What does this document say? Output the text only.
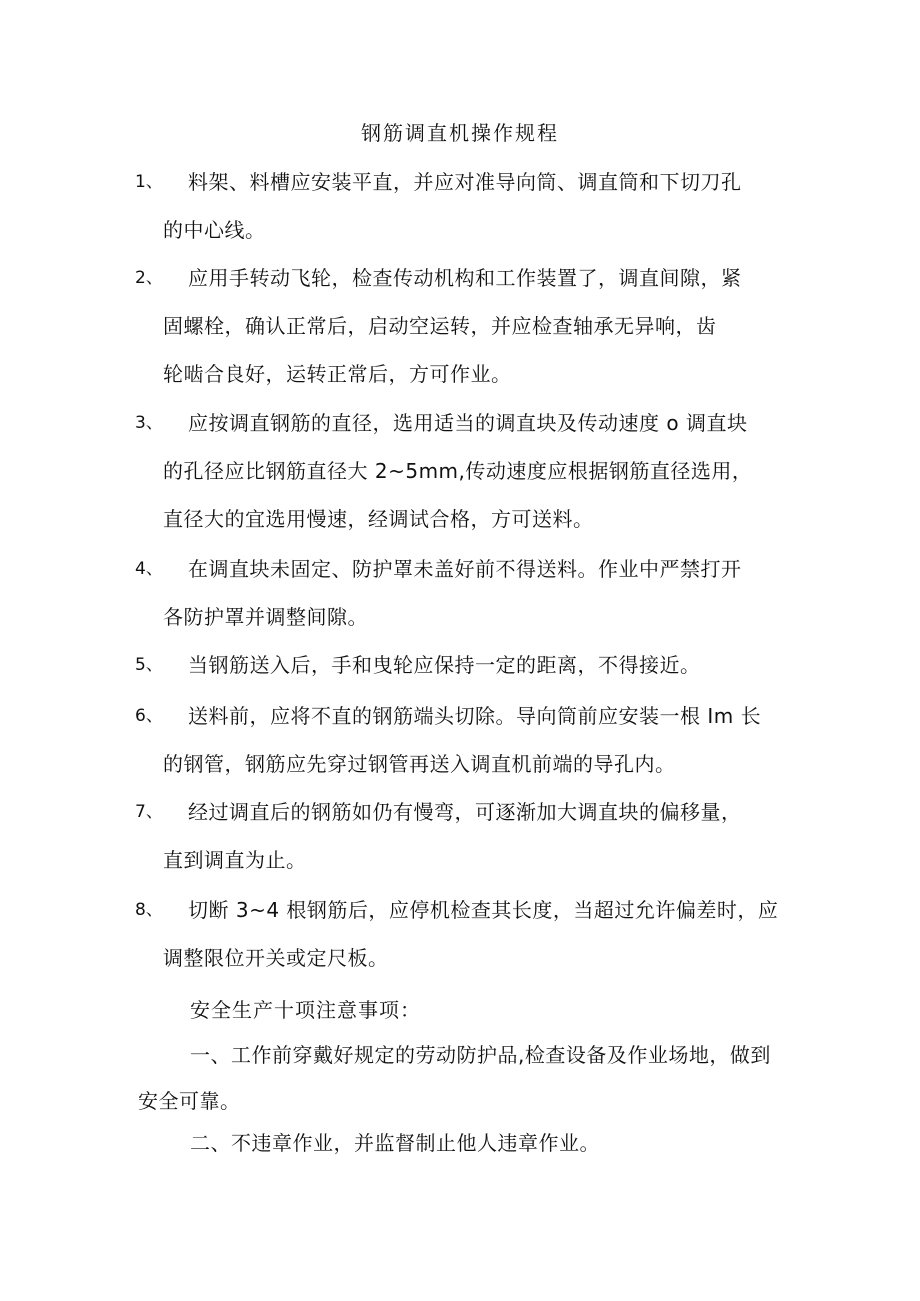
钢筋调直机操作规程
1、	料架、料槽应安装平直，并应对准导向筒、调直筒和下切刀孔
的中心线。
2、	应用手转动飞轮，检查传动机构和工作装置了，调直间隙，紧
固螺栓，确认正常后，启动空运转，并应检查轴承无异响，齿
轮啮合良好，运转正常后，方可作业。
3、	应按调直钢筋的直径，选用适当的调直块及传动速度 o 调直块
的孔径应比钢筋直径大 2~5mm,传动速度应根据钢筋直径选用，
直径大的宜选用慢速，经调试合格，方可送料。
4、	在调直块未固定、防护罩未盖好前不得送料。作业中严禁打开
各防护罩并调整间隙。
5、	当钢筋送入后，手和曳轮应保持一定的距离，不得接近。
6、	送料前，应将不直的钢筋端头切除。导向筒前应安装一根 Im 长
的钢管，钢筋应先穿过钢管再送入调直机前端的导孔内。
7、	经过调直后的钢筋如仍有慢弯，可逐渐加大调直块的偏移量，
直到调直为止。
8、	切断 3~4 根钢筋后，应停机检查其长度，当超过允许偏差时，应
调整限位开关或定尺板。
安全生产十项注意事项：
一、工作前穿戴好规定的劳动防护品,检查设备及作业场地，做到安全可靠。
二、不违章作业，并监督制止他人违章作业。
